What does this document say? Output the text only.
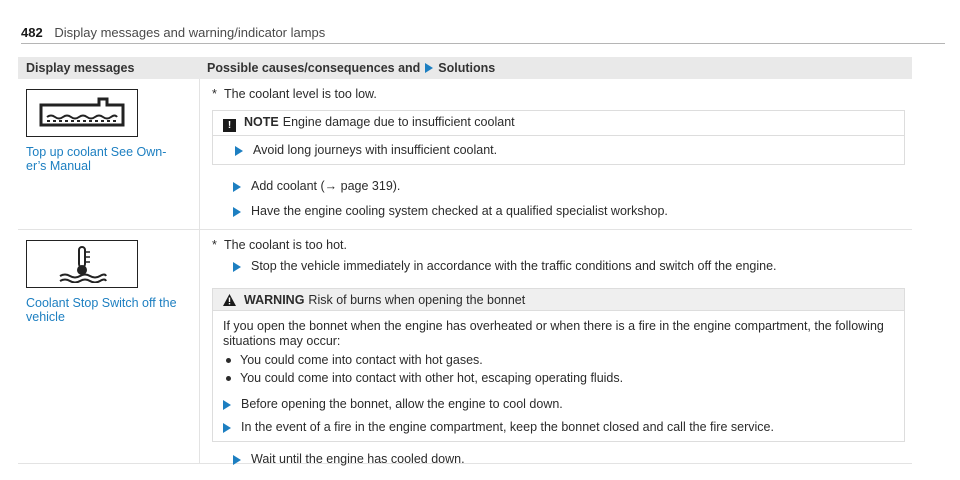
482 Display messages and warning/indicator lamps
Display messages	Possible causes/consequences and Solutions
Top up coolant See Own-er’s Manual
* The coolant level is too low.
! NOTE Engine damage due to insufficient coolant
Avoid long journeys with insufficient coolant.
Add coolant (→ page 319).
Have the engine cooling system checked at a qualified specialist workshop.
Coolant Stop Switch off the vehicle
* The coolant is too hot.
Stop the vehicle immediately in accordance with the traffic conditions and switch off the engine.
WARNING Risk of burns when opening the bonnet
If you open the bonnet when the engine has overheated or when there is a fire in the engine compartment, the following situations may occur:
You could come into contact with hot gases.
You could come into contact with other hot, escaping operating fluids.
Before opening the bonnet, allow the engine to cool down.
In the event of a fire in the engine compartment, keep the bonnet closed and call the fire service.
Wait until the engine has cooled down.
